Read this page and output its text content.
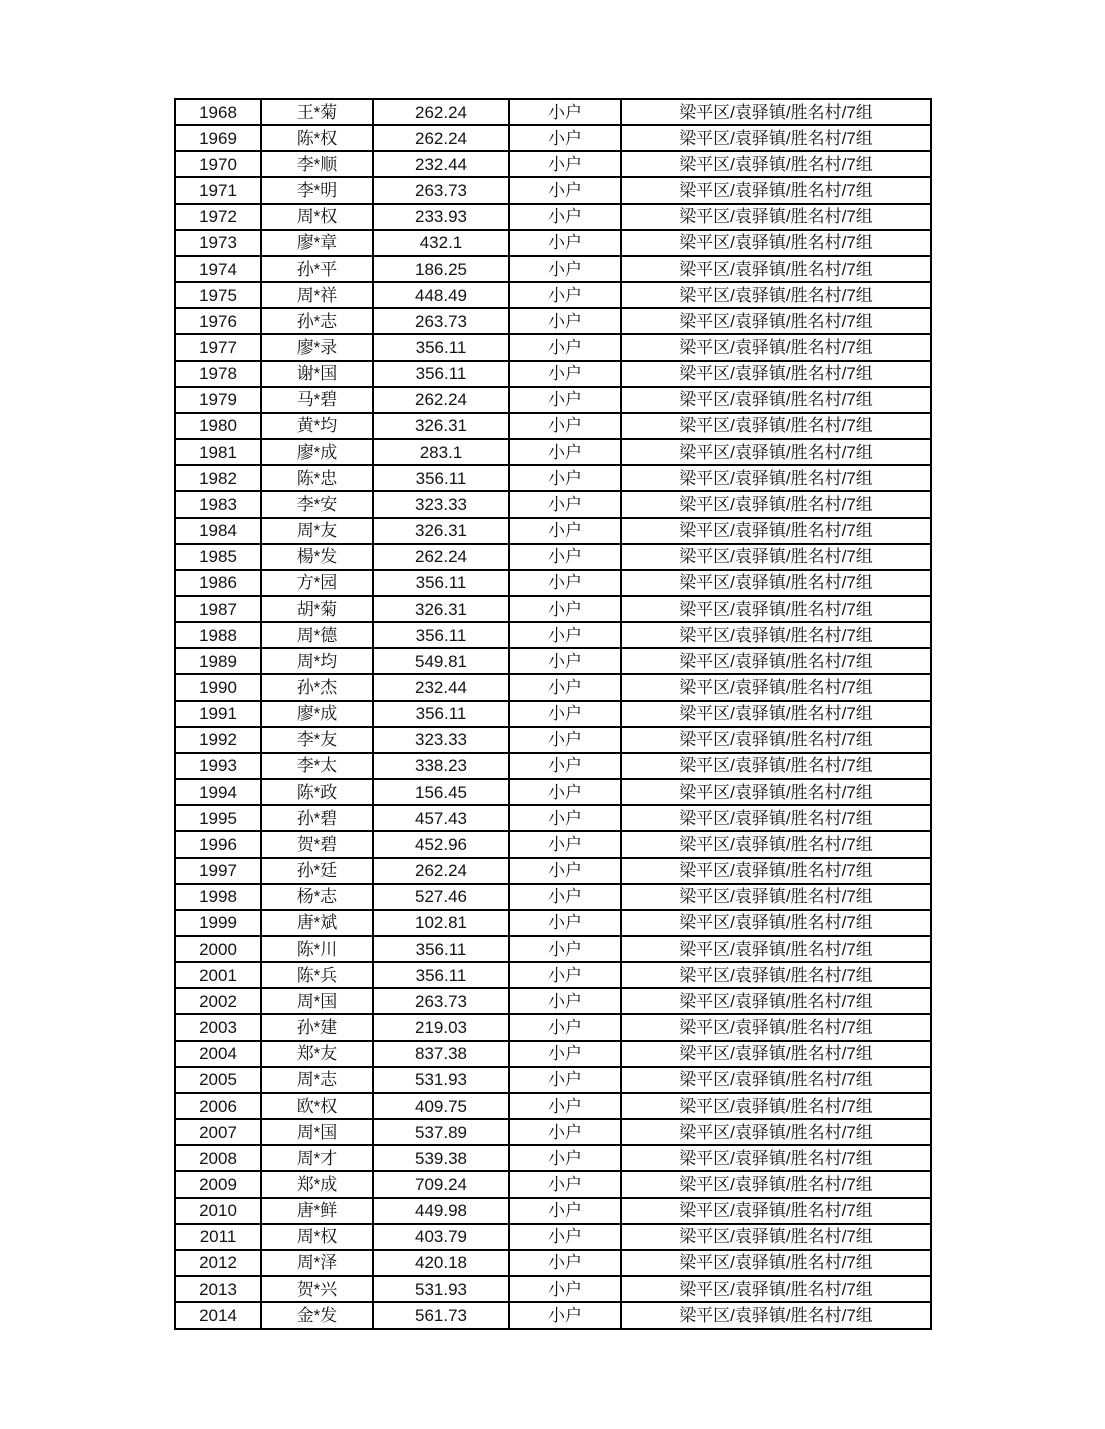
1968	王*菊	262.24	小户	梁平区/袁驿镇/胜名村/7组
1969	陈*权	262.24	小户	梁平区/袁驿镇/胜名村/7组
1970	李*顺	232.44	小户	梁平区/袁驿镇/胜名村/7组
1971	李*明	263.73	小户	梁平区/袁驿镇/胜名村/7组
1972	周*权	233.93	小户	梁平区/袁驿镇/胜名村/7组
1973	廖*章	432.1	小户	梁平区/袁驿镇/胜名村/7组
1974	孙*平	186.25	小户	梁平区/袁驿镇/胜名村/7组
1975	周*祥	448.49	小户	梁平区/袁驿镇/胜名村/7组
1976	孙*志	263.73	小户	梁平区/袁驿镇/胜名村/7组
1977	廖*录	356.11	小户	梁平区/袁驿镇/胜名村/7组
1978	谢*国	356.11	小户	梁平区/袁驿镇/胜名村/7组
1979	马*碧	262.24	小户	梁平区/袁驿镇/胜名村/7组
1980	黄*均	326.31	小户	梁平区/袁驿镇/胜名村/7组
1981	廖*成	283.1	小户	梁平区/袁驿镇/胜名村/7组
1982	陈*忠	356.11	小户	梁平区/袁驿镇/胜名村/7组
1983	李*安	323.33	小户	梁平区/袁驿镇/胜名村/7组
1984	周*友	326.31	小户	梁平区/袁驿镇/胜名村/7组
1985	楊*发	262.24	小户	梁平区/袁驿镇/胜名村/7组
1986	方*园	356.11	小户	梁平区/袁驿镇/胜名村/7组
1987	胡*菊	326.31	小户	梁平区/袁驿镇/胜名村/7组
1988	周*德	356.11	小户	梁平区/袁驿镇/胜名村/7组
1989	周*均	549.81	小户	梁平区/袁驿镇/胜名村/7组
1990	孙*杰	232.44	小户	梁平区/袁驿镇/胜名村/7组
1991	廖*成	356.11	小户	梁平区/袁驿镇/胜名村/7组
1992	李*友	323.33	小户	梁平区/袁驿镇/胜名村/7组
1993	李*太	338.23	小户	梁平区/袁驿镇/胜名村/7组
1994	陈*政	156.45	小户	梁平区/袁驿镇/胜名村/7组
1995	孙*碧	457.43	小户	梁平区/袁驿镇/胜名村/7组
1996	贺*碧	452.96	小户	梁平区/袁驿镇/胜名村/7组
1997	孙*廷	262.24	小户	梁平区/袁驿镇/胜名村/7组
1998	杨*志	527.46	小户	梁平区/袁驿镇/胜名村/7组
1999	唐*斌	102.81	小户	梁平区/袁驿镇/胜名村/7组
2000	陈*川	356.11	小户	梁平区/袁驿镇/胜名村/7组
2001	陈*兵	356.11	小户	梁平区/袁驿镇/胜名村/7组
2002	周*国	263.73	小户	梁平区/袁驿镇/胜名村/7组
2003	孙*建	219.03	小户	梁平区/袁驿镇/胜名村/7组
2004	郑*友	837.38	小户	梁平区/袁驿镇/胜名村/7组
2005	周*志	531.93	小户	梁平区/袁驿镇/胜名村/7组
2006	欧*权	409.75	小户	梁平区/袁驿镇/胜名村/7组
2007	周*国	537.89	小户	梁平区/袁驿镇/胜名村/7组
2008	周*才	539.38	小户	梁平区/袁驿镇/胜名村/7组
2009	郑*成	709.24	小户	梁平区/袁驿镇/胜名村/7组
2010	唐*鲜	449.98	小户	梁平区/袁驿镇/胜名村/7组
2011	周*权	403.79	小户	梁平区/袁驿镇/胜名村/7组
2012	周*泽	420.18	小户	梁平区/袁驿镇/胜名村/7组
2013	贺*兴	531.93	小户	梁平区/袁驿镇/胜名村/7组
2014	金*发	561.73	小户	梁平区/袁驿镇/胜名村/7组
